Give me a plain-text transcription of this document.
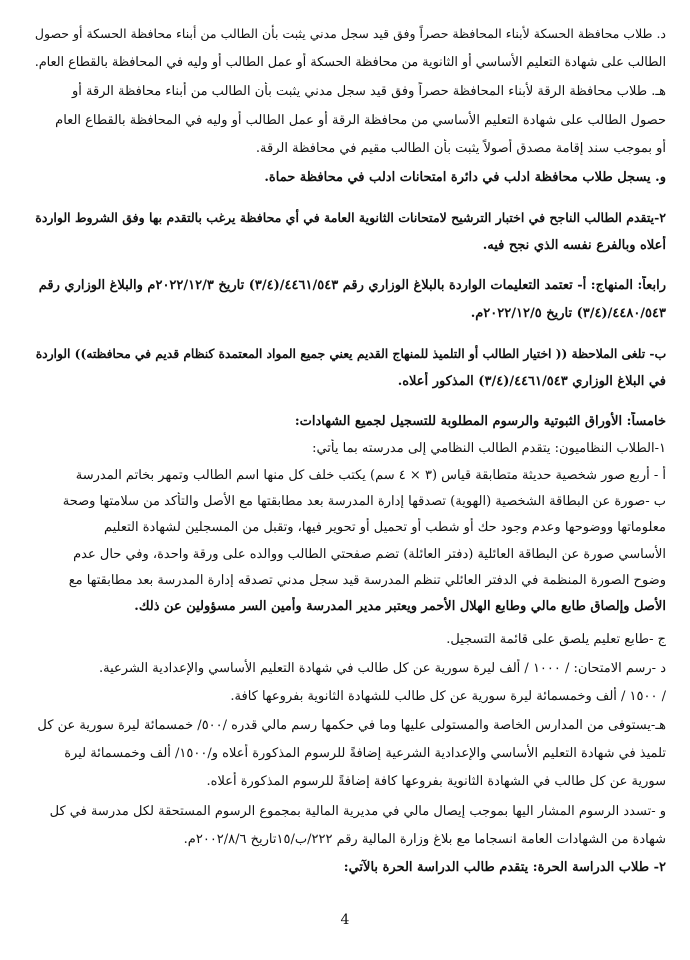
د. طلاب محافظة الحسكة لأبناء المحافظة حصراً وفق قيد سجل مدني يثبت بأن الطالب من أبناء محافظة الحسكة أو حصول
الطالب على شهادة التعليم الأساسي أو الثانوية من محافظة الحسكة أو عمل الطالب أو وليه في المحافظة بالقطاع العام.
هـ. طلاب محافظة الرقة لأبناء المحافظة حصراً وفق قيد سجل مدني يثبت بأن الطالب من أبناء محافظة الرقة أو
حصول الطالب على شهادة التعليم الأساسي من محافظة الرقة أو عمل الطالب أو وليه في المحافظة بالقطاع العام
أو بموجب سند إقامة مصدق أصولاً يثبت بأن الطالب مقيم في محافظة الرقة.
و. يسجل طلاب محافظة ادلب في دائرة امتحانات ادلب في محافظة حماة.
٢-يتقدم الطالب الناجح في اختبار الترشيح لامتحانات الثانوية العامة في أي محافظة يرغب بالتقدم بها وفق الشروط الواردة
أعلاه وبالفرع نفسه الذي نجح فيه.
رابعاً: المنهاج: أ- تعتمد التعليمات الواردة بالبلاغ الوزاري رقم ٤٤٦١/٥٤٣/(٣/٤) تاريخ ٢٠٢٢/١٢/٣م والبلاغ الوزاري رقم
٤٤٨٠/٥٤٣/(٣/٤) تاريخ ٢٠٢٢/١٢/٥م.
ب- تلغى الملاحظة (( اختيار الطالب أو التلميذ للمنهاج القديم يعني جميع المواد المعتمدة كنظام قديم في محافظته)) الواردة
في البلاغ الوزاري ٤٤٦١/٥٤٣/(٣/٤) المذكور أعلاه.
خامساً: الأوراق الثبوتية والرسوم المطلوبة للتسجيل لجميع الشهادات:
١-الطلاب النظاميون: يتقدم الطالب النظامي إلى مدرسته بما يأتي:
أ - أربع صور شخصية حديثة متطابقة قياس (٣ × ٤ سم) يكتب خلف كل منها اسم الطالب وتمهر بخاتم المدرسة
ب -صورة عن البطاقة الشخصية (الهوية) تصدقها إدارة المدرسة بعد مطابقتها مع الأصل والتأكد من سلامتها وصحة
معلوماتها ووضوحها وعدم وجود حك أو شطب أو تحميل أو تحوير فيها، وتقبل من المسجلين لشهادة التعليم
الأساسي صورة عن البطاقة العائلية (دفتر العائلة) تضم صفحتي الطالب ووالده على ورقة واحدة، وفي حال عدم
وضوح الصورة المنظمة في الدفتر العائلي تنظم المدرسة قيد سجل مدني تصدقه إدارة المدرسة بعد مطابقتها مع
الأصل وإلصاق طابع مالي وطابع الهلال الأحمر ويعتبر مدير المدرسة وأمين السر مسؤولين عن ذلك.
ج -طابع تعليم يلصق على قائمة التسجيل.
د -رسم الامتحان: / ١٠٠٠ / ألف ليرة سورية عن كل طالب في شهادة التعليم الأساسي والإعدادية الشرعية.
/ ١٥٠٠ / ألف وخمسمائة ليرة سورية عن كل طالب للشهادة الثانوية بفروعها كافة.
هـ-يستوفى من المدارس الخاصة والمستولى عليها وما في حكمها رسم مالي قدره /٥٠٠/ خمسمائة ليرة سورية عن كل
تلميذ في شهادة التعليم الأساسي والإعدادية الشرعية إضافةً للرسوم المذكورة أعلاه و/١٥٠٠/ ألف وخمسمائة ليرة
سورية عن كل طالب في الشهادة الثانوية بفروعها كافة إضافةً للرسوم المذكورة أعلاه.
و -تسدد الرسوم المشار اليها بموجب إيصال مالي في مديرية المالية بمجموع الرسوم المستحقة لكل مدرسة في كل
شهادة من الشهادات العامة انسجاما مع بلاغ وزارة المالية رقم ٢٢٢/ب/١٥تاريخ ٢٠٠٢/٨/٦م.
٢- طلاب الدراسة الحرة: يتقدم طالب الدراسة الحرة بالآتي:
4
